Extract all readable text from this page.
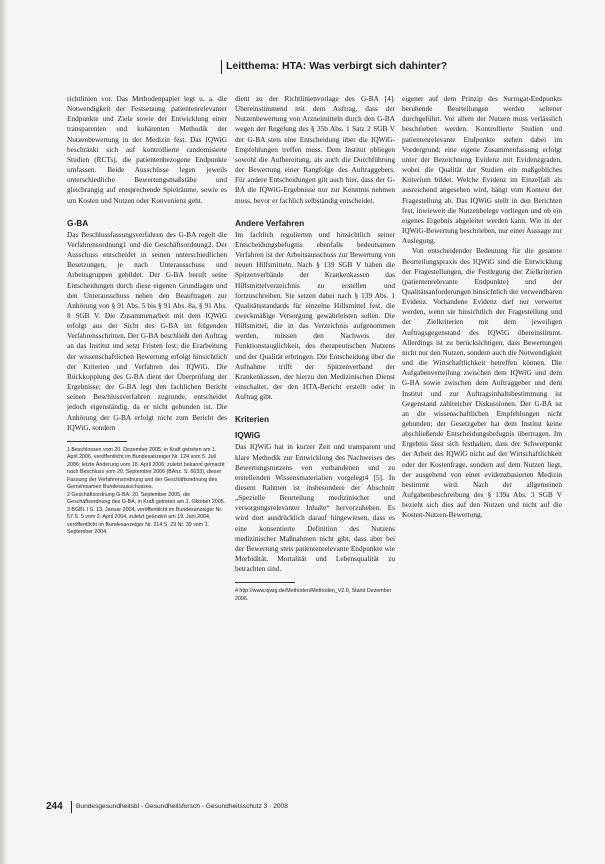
Leitthema: HTA: Was verbirgt sich dahinter?

richtlinien vor. Das Methodenpapier legt u. a. die Notwendigkeit der Festsetzung patientenrelevanter Endpunkte und Ziele sowie der Entwicklung einer transparenten und kohärenten Methodik der Nutzenbewertung in der Medizin fest. Das IQWiG beschränkt sich auf kontrollierte randomisierte Studien (RCTs), die patientenbezogene Endpunkte umfassen. Beide Ausschüsse legen jeweils unterschiedliche Bewertungsmaßstäbe und gleichrangig auf entsprechende Spielräume, sowie es um Kosten und Nutzen oder Konvenienz geht.

G-BA

Das Beschlussfassungsverfahren des G-BA regelt die Verfahrensordnung1 und die Geschäftsordnung2. Der Ausschuss entscheidet in seinen unterschiedlichen Besetzungen, je nach Unterausschuss und Arbeitsgruppen gebildet. Der G-BA beruft seine Entscheidungen durch diese eigenen Grundlagen und den Unterausschuss neben den Beauftragen zur Anhörung von § 91 Abs. 5 bis § 91 Abs. 8a, § 91 Abs. 8 SGB V. Die Zusammenarbeit mit dem IQWiG erfolgt aus der Sicht des G-BA im folgenden Verfahrensschritten. Der G-BA beschließt den Auftrag an das Institut und setzt Fristen fest; die Erarbeitung der wissenschaftlichen Bewertung erfolgt hinsichtlich der Kriterien und Verfahren des IQWiG. Die Rückkopplung des G-BA dient der Überprüfung der Ergebnisse; der G-BA legt den fachlichen Bericht seinen Beschlussverfahren zugrunde, entscheidet jedoch eigenständig, da er nicht gebunden ist. Die Anhörung der G-BA erfolgt nicht zum Bericht des IQWiG, sondern

1 Beschlossen vom 20. Dezember 2005, in Kraft getreten am 1. April 2006, veröffentlicht im Bundesanzeiger Nr. 124 vom 5. Juli 2006; letzte Änderung vom 18. April 2006; zuletzt bekannt gemacht nach Beschluss vom 20. September 2006 (BAnz. S. 6633), dieser Fassung der Verfahrensordnung und der Geschäftsordnung des Gemeinsamen Bundesausschusses.

2 Geschäftsordnung G-BA: 20. September 2005, die Geschäftsordnung des G-BA, in Kraft getreten am 1. Oktober 2005.

3 BGBl. I S. 13, Januar 2004, veröffentlicht im Bundesanzeiger Nr. 57 S. 5 vom 2. April 2004, zuletzt geändert am 19. Juni 2004, veröffentlicht im Bundesanzeiger Nr. 214 S. 29 Nr. 39 vom 1. September 2004.

dient zu der Richtlinienvorlage des G-BA [4]. Übereinstimmend mit dem Auftrag, dass der Nutzenbewertung von Arzneimitteln durch den G-BA wegen der Regelung des § 35b Abs. 1 Satz 2 SGB V der G-BA stets eine Entscheidung über die IQWiG-Empfehlungen treffen muss. Dem Institut obliegen sowohl die Aufbereitung, als auch die Durchführung der Bewertung einer Rangfolge des Auftraggebers. Für andere Entscheidungen gilt auch hier, dass der G-BA die IQWiG-Ergebnisse nur zur Kenntnis nehmen muss, bevor er fachlich selbständig entscheidet.

Andere Verfahren

Im fachlich regulierten und hinsichtlich seiner Entscheidungsbefugnis ebenfalls bedeutsamen Verfahren ist der Arbeitsausschuss zur Bewertung von neuen Hilfsmitteln. Nach § 139 SGB V haben die Spitzenverbände der Krankenkassen das Hilfsmittelverzeichnis zu erstellen und fortzuschreiben. Sie setzen dabei nach § 139 Abs. 1 Qualitätsstandards für einzelne Hilfsmittel fest, die zweckmäßige Versorgung gewährleisten sollen. Die Hilfsmittel, die in das Verzeichnis aufgenommen werden, müssen den Nachweis der Funktionstauglichkeit, des therapeutischen Nutzens und der Qualität erbringen. Die Entscheidung über die Aufnahme trifft der Spitzenverband der Krankenkassen, der hierzu den Medizinischen Dienst einschaltet, der den HTA-Bericht erstellt oder in Auftrag gibt.

Kriterien
IQWiG

Das IQWiG hat in kurzer Zeit und transparent und klare Methodik zur Entwicklung des Nachweises des Bewertungsnutzens von vorhandenen und zu erstellenden Wissensmaterialien vorgelegt4 [5]. In diesem Rahmen ist insbesondere der Abschnitt „Spezielle Beurteilung medizinischer und versorgungsrelevanter Inhalte“ hervorzuheben. Es wird dort ausdrücklich darauf hingewiesen, dass es eine konsentierte Definition des Nutzens medizinischer Maßnahmen nicht gibt, dass aber bei der Bewertung stets patientenrelevante Endpunkte wie Morbidität, Mortalität und Lebensqualität zu betrachten sind.

4 http://www.iqwig.de/Methoden/Methoden_V2.0, Stand Dezember 2006.

eigener auf dem Prinzip des Surrogat-Endpunkts beruhende Beurteilungen werden seltener durchgeführt. Vor allem der Nutzen muss verlässlich beschrieben werden. Kontrollierte Studien und patientenrelevante Endpunkte stehen dabei im Vordergrund; eine eigene Zusammenfassung erfolgt unter der Bezeichnung Evidenz mit Evidenzgraden, wobei die Qualität der Studien ein maßgebliches Kriterium bildet. Welche Evidenz im Einzelfall als ausreichend angesehen wird, hängt vom Kontext der Fragestellung ab. Das IQWiG stellt in den Berichten fest, inwieweit die Nutzenbelege vorliegen und ob ein eigenes Ergebnis abgeleitet werden kann. Wie in der IQWiG-Bewertung beschrieben, nur einer Aussage zur Auslegung.

Von entscheidender Bedeutung für die gesamte Beurteilungspraxis des IQWiG sind die Entwicklung der Fragestellungen, die Festlegung der Zielkriterien (patientenrelevante Endpunkte) und der Qualitätsanforderungen hinsichtlich der verwendbaren Evidenz. Vorhandene Evidenz darf nur verwertet werden, wenn sie hinsichtlich der Fragestellung und der Zielkriterien mit dem jeweiligen Auftragsgegenstand des IQWiG übereinstimmt. Allerdings ist zu berücksichtigen, dass Bewertungen nicht nur den Nutzen, sondern auch die Notwendigkeit und die Wirtschaftlichkeit betreffen können. Die Aufgabenverteilung zwischen dem IQWiG und dem G-BA sowie zwischen dem Auftraggeber und dem Institut und zur Auftragsinhaltsbestimmung ist Gegenstand zahlreicher Diskussionen. Der G-BA ist an die wissenschaftlichen Empfehlungen nicht gebunden; der Gesetzgeber hat dem Institut keine abschließende Entscheidungsbefugnis übertragen. Im Ergebnis lässt sich festhalten, dass der Schwerpunkt der Arbeit des IQWiG nicht auf der Wirtschaftlichkeit oder der Kostenfrage, sondern auf dem Nutzen liegt, der ausgehend von einer evidenzbasierten Medizin bestimmt wird. Nach der allgemeinen Aufgabenbeschreibung des § 139a Abs. 3 SGB V bezieht sich dies auf den Nutzen und nicht auf die Kosten-Nutzen-Bewertung.

244 Bundesgesundheitsbl - Gesundheitsforsch - Gesundheitsschutz 3 · 2008
